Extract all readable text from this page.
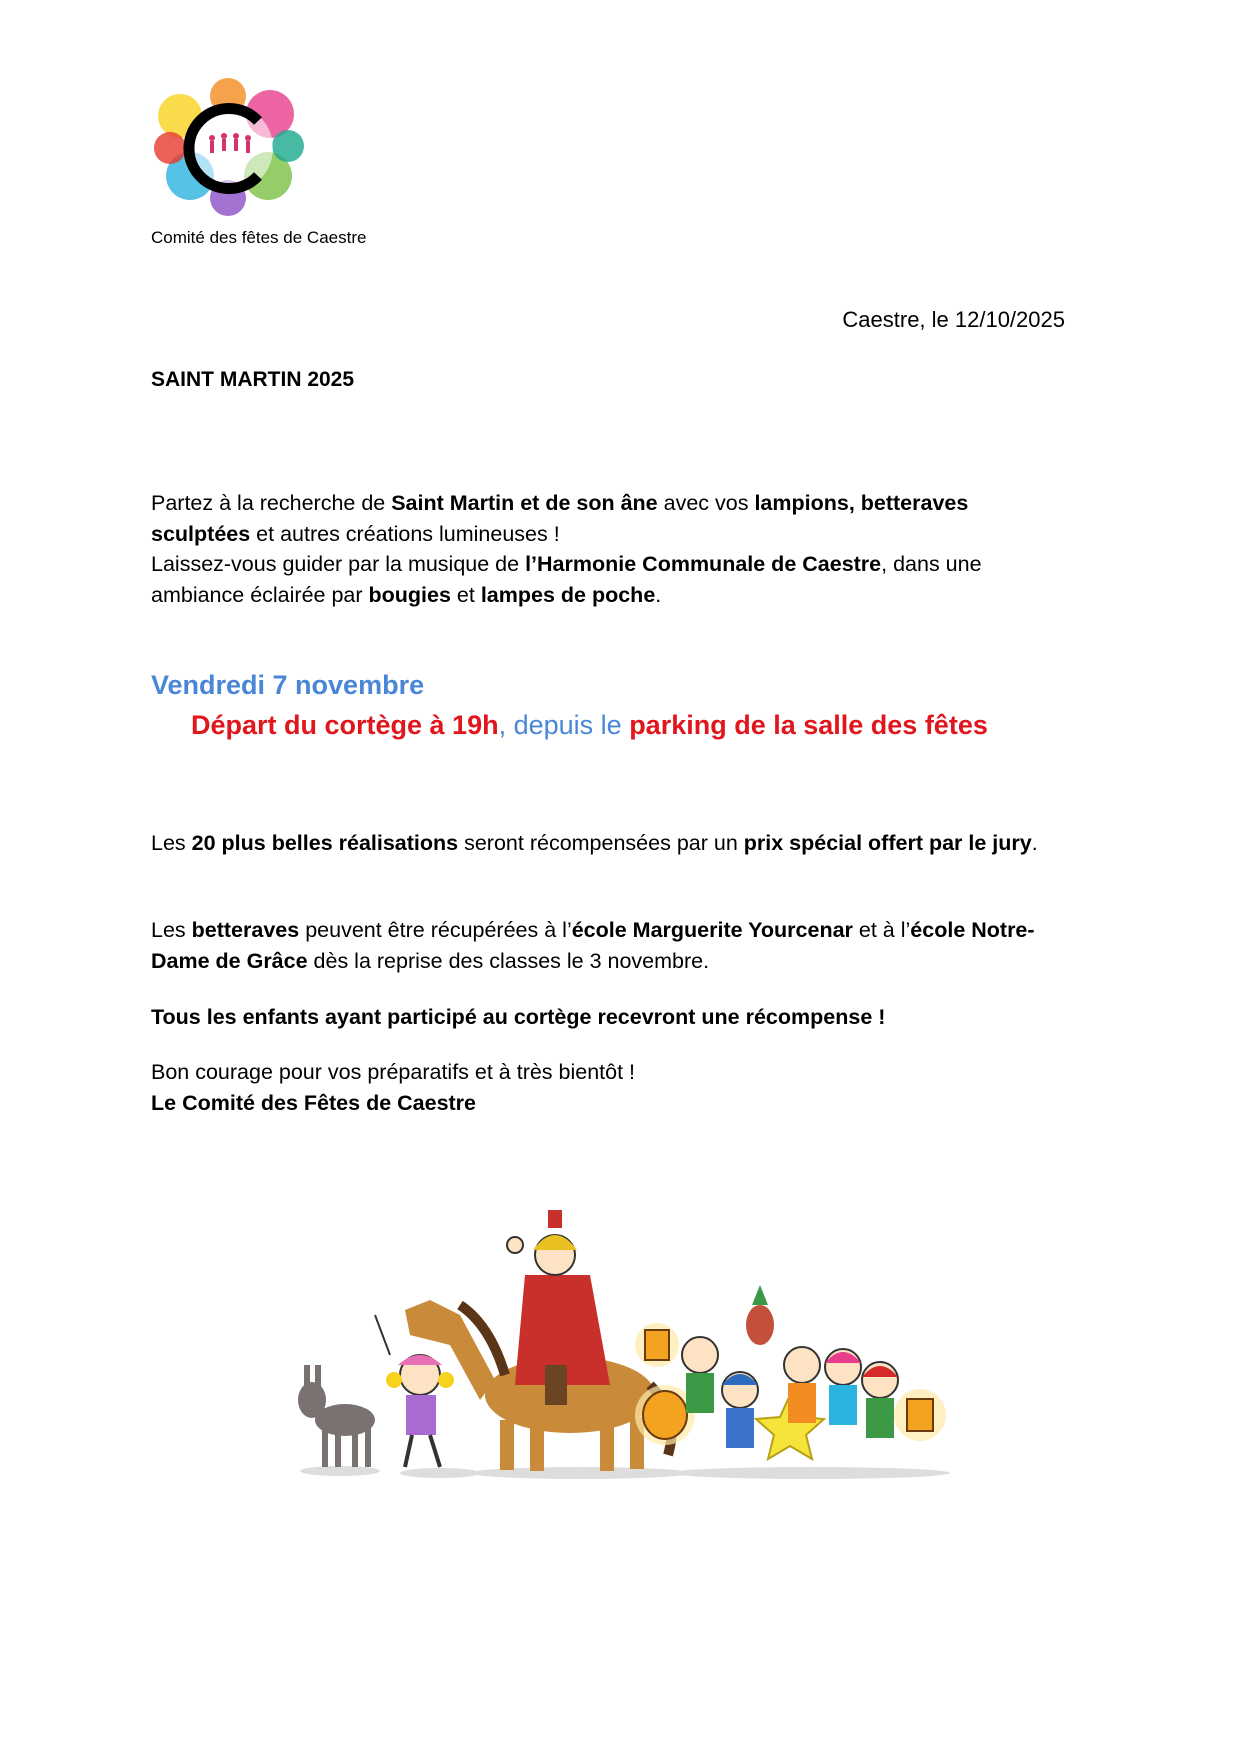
Comité des fêtes de Caestre
Caestre, le 12/10/2025
SAINT MARTIN 2025
Partez à la recherche de Saint Martin et de son âne avec vos lampions, betteraves sculptées et autres créations lumineuses !
Laissez-vous guider par la musique de l’Harmonie Communale de Caestre, dans une ambiance éclairée par bougies et lampes de poche.
Vendredi 7 novembre
Départ du cortège à 19h, depuis le parking de la salle des fêtes
Les 20 plus belles réalisations seront récompensées par un prix spécial offert par le jury.
Les betteraves peuvent être récupérées à l’école Marguerite Yourcenar et à l’école Notre-Dame de Grâce dès la reprise des classes le 3 novembre.
Tous les enfants ayant participé au cortège recevront une récompense !
Bon courage pour vos préparatifs et à très bientôt !
Le Comité des Fêtes de Caestre
